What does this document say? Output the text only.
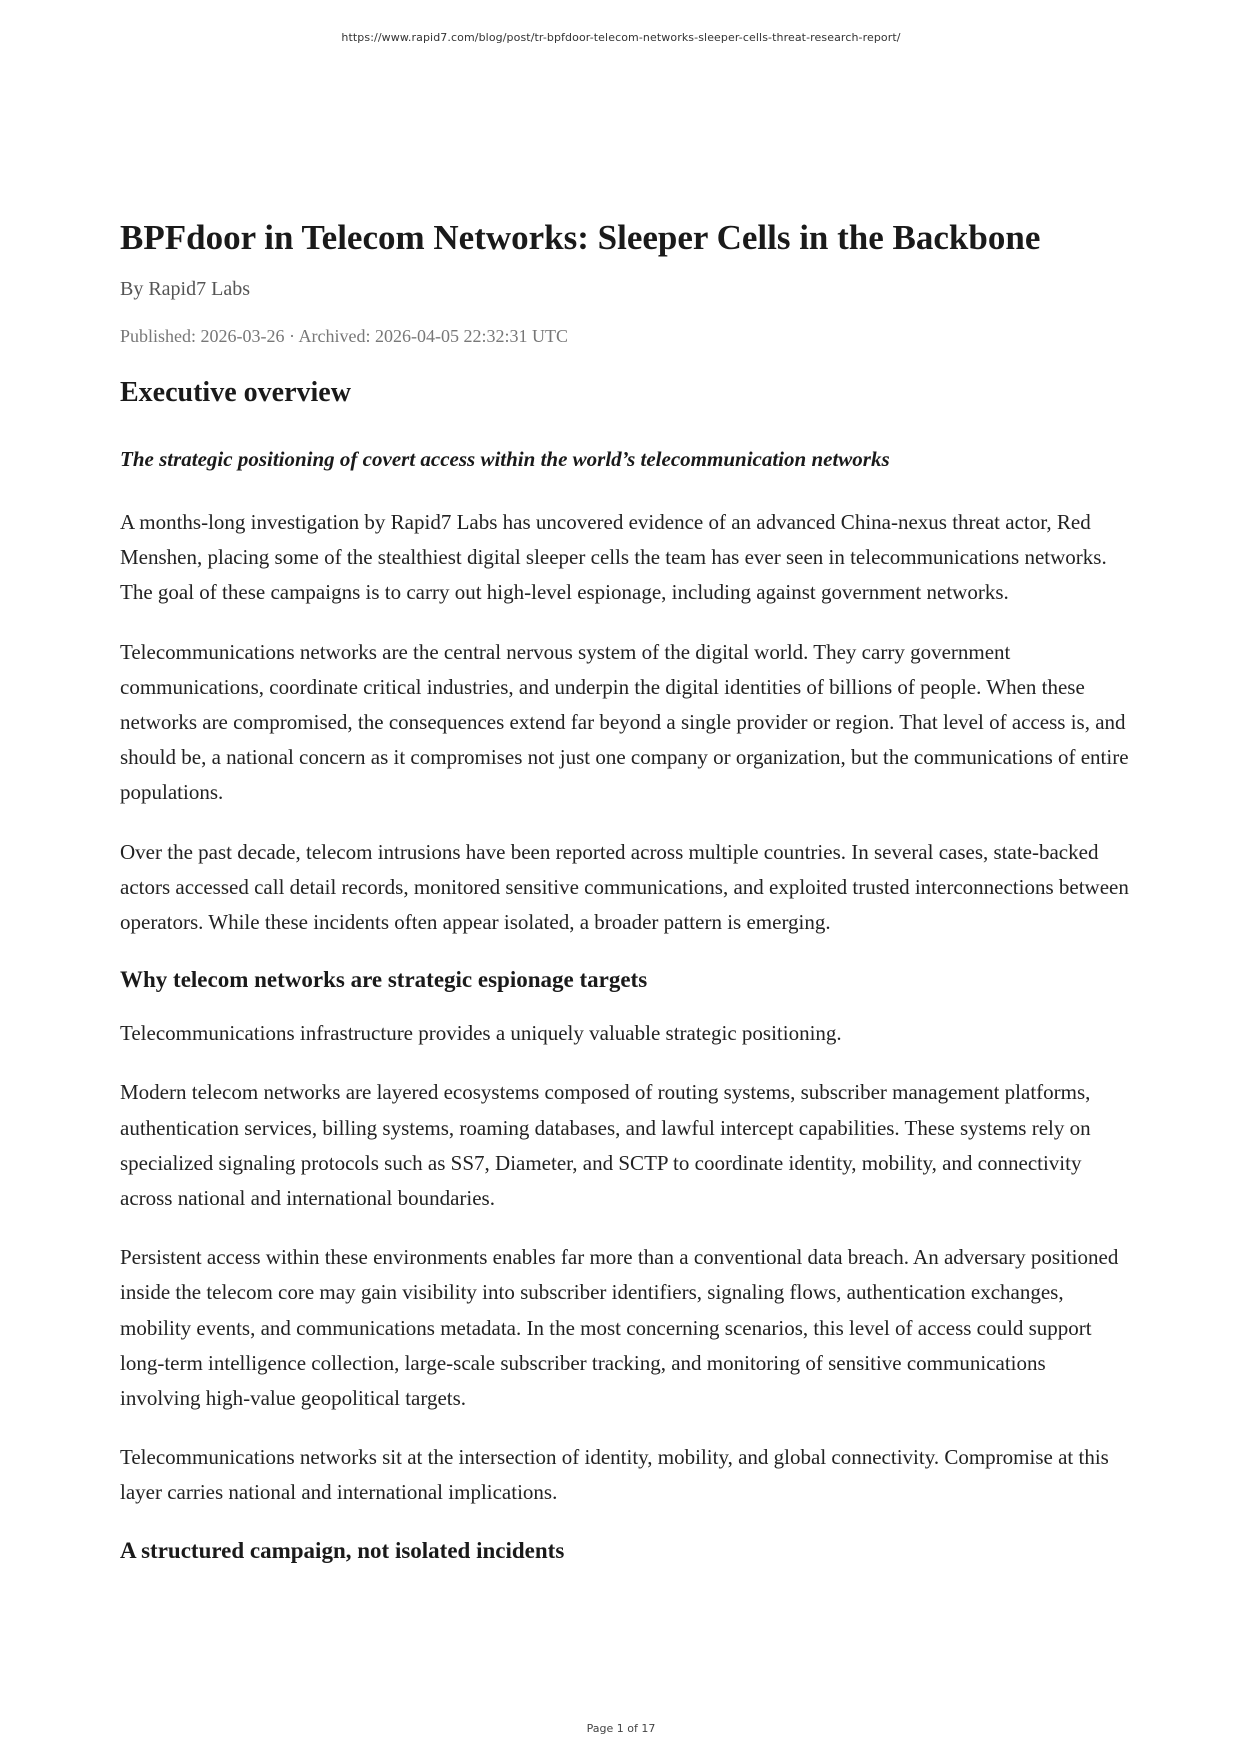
https://www.rapid7.com/blog/post/tr-bpfdoor-telecom-networks-sleeper-cells-threat-research-report/
BPFdoor in Telecom Networks: Sleeper Cells in the Backbone
By Rapid7 Labs
Published: 2026-03-26 · Archived: 2026-04-05 22:32:31 UTC
Executive overview
The strategic positioning of covert access within the world’s telecommunication networks

A months-long investigation by Rapid7 Labs has uncovered evidence of an advanced China-nexus threat actor, Red Menshen, placing some of the stealthiest digital sleeper cells the team has ever seen in telecommunications networks. The goal of these campaigns is to carry out high-level espionage, including against government networks.

Telecommunications networks are the central nervous system of the digital world. They carry government communications, coordinate critical industries, and underpin the digital identities of billions of people. When these networks are compromised, the consequences extend far beyond a single provider or region. That level of access is, and should be, a national concern as it compromises not just one company or organization, but the communications of entire populations.

Over the past decade, telecom intrusions have been reported across multiple countries. In several cases, state-backed actors accessed call detail records, monitored sensitive communications, and exploited trusted interconnections between operators. While these incidents often appear isolated, a broader pattern is emerging.

Why telecom networks are strategic espionage targets

Telecommunications infrastructure provides a uniquely valuable strategic positioning.

Modern telecom networks are layered ecosystems composed of routing systems, subscriber management platforms, authentication services, billing systems, roaming databases, and lawful intercept capabilities. These systems rely on specialized signaling protocols such as SS7, Diameter, and SCTP to coordinate identity, mobility, and connectivity across national and international boundaries.

Persistent access within these environments enables far more than a conventional data breach. An adversary positioned inside the telecom core may gain visibility into subscriber identifiers, signaling flows, authentication exchanges, mobility events, and communications metadata. In the most concerning scenarios, this level of access could support long-term intelligence collection, large-scale subscriber tracking, and monitoring of sensitive communications involving high-value geopolitical targets.

Telecommunications networks sit at the intersection of identity, mobility, and global connectivity. Compromise at this layer carries national and international implications.

A structured campaign, not isolated incidents
Page 1 of 17
